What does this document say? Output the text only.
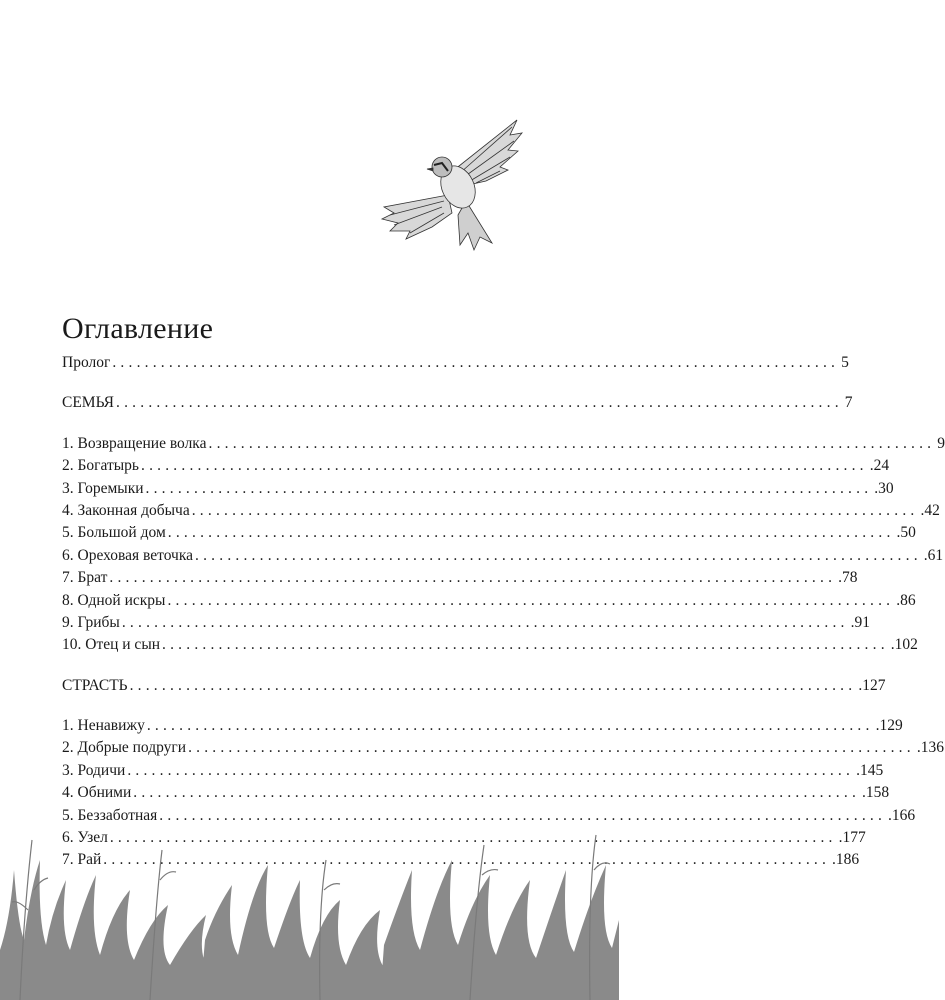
Оглавление
Пролог .......................................................................................... 5
СЕМЬЯ .......................................................................................... 7
1. Возвращение волка .......................................................................................... 9
2. Богатырь .......................................................................................... .24
3. Горемыки .......................................................................................... .30
4. Законная добыча .......................................................................................... .42
5. Большой дом .......................................................................................... .50
6. Ореховая веточка .......................................................................................... .61
7. Брат .......................................................................................... .78
8. Одной искры .......................................................................................... .86
9. Грибы .......................................................................................... .91
10. Отец и сын .......................................................................................... .102
СТРАСТЬ .......................................................................................... .127
1. Ненавижу .......................................................................................... .129
2. Добрые подруги .......................................................................................... .136
3. Родичи .......................................................................................... .145
4. Обними .......................................................................................... .158
5. Беззаботная .......................................................................................... .166
6. Узел .......................................................................................... .177
7. Рай .......................................................................................... .186
